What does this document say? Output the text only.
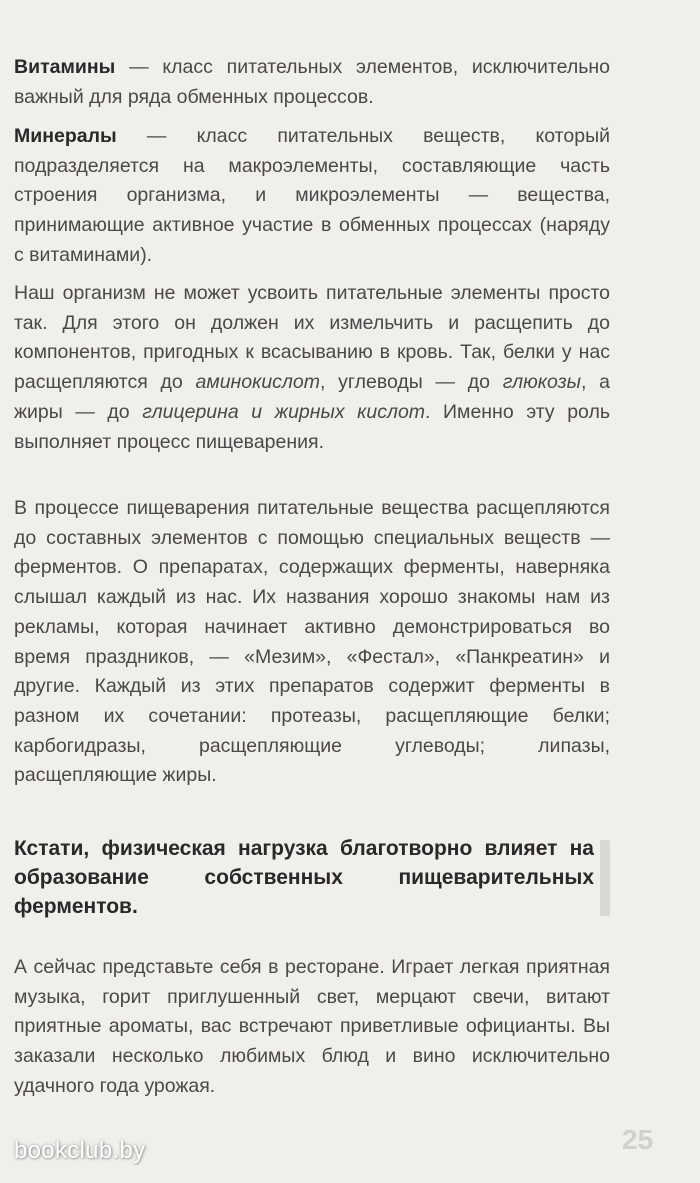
Витамины — класс питательных элементов, исключительно важный для ряда обменных процессов.

Минералы — класс питательных веществ, который подразделяется на макроэлементы, составляющие часть строения организма, и микроэлементы — вещества, принимающие активное участие в обменных процессах (наряду с витаминами).

Наш организм не может усвоить питательные элементы просто так. Для этого он должен их измельчить и расщепить до компонентов, пригодных к всасыванию в кровь. Так, белки у нас расщепляются до аминокислот, углеводы — до глюкозы, а жиры — до глицерина и жирных кислот. Именно эту роль выполняет процесс пищеварения.

В процессе пищеварения питательные вещества расщепляются до составных элементов с помощью специальных веществ — ферментов. О препаратах, содержащих ферменты, наверняка слышал каждый из нас. Их названия хорошо знакомы нам из рекламы, которая начинает активно демонстрироваться во время праздников, — «Мезим», «Фестал», «Панкреатин» и другие. Каждый из этих препаратов содержит ферменты в разном их сочетании: протеазы, расщепляющие белки; карбогидразы, расщепляющие углеводы; липазы, расщепляющие жиры.

Кстати, физическая нагрузка благотворно влияет на образование собственных пищеварительных ферментов.

А сейчас представьте себя в ресторане. Играет легкая приятная музыка, горит приглушенный свет, мерцают свечи, витают приятные ароматы, вас встречают приветливые официанты. Вы заказали несколько любимых блюд и вино исключительно удачного года урожая.

bookclub.by	25
